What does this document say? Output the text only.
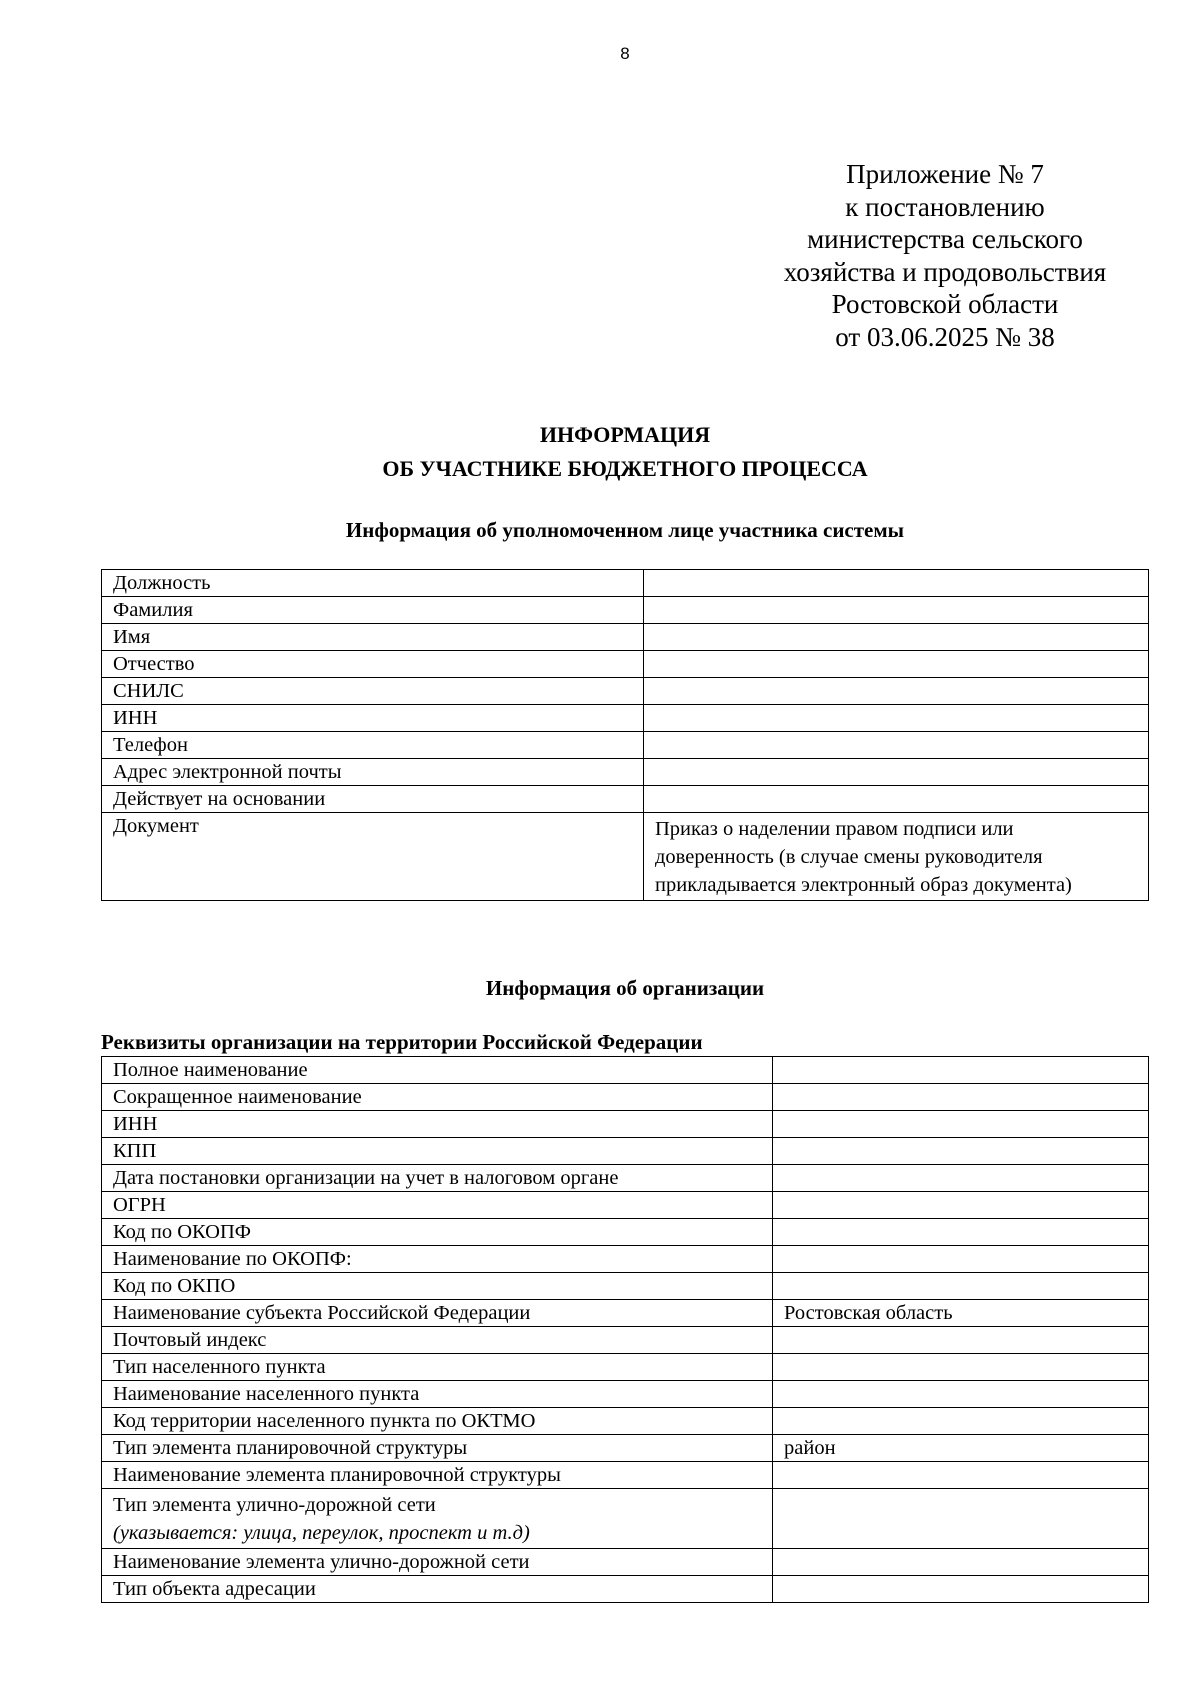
8
Приложение № 7
к постановлению
министерства сельского
хозяйства и продовольствия
Ростовской области
от 03.06.2025 № 38
ИНФОРМАЦИЯ
ОБ УЧАСТНИКЕ БЮДЖЕТНОГО ПРОЦЕССА
Информация об уполномоченном лице участника системы
Должность	
Фамилия	
Имя	
Отчество	
СНИЛС	
ИНН	
Телефон	
Адрес электронной почты	
Действует на основании	
Документ	Приказ о наделении правом подписи или доверенность (в случае смены руководителя прикладывается электронный образ документа)
Информация об организации
Реквизиты организации на территории Российской Федерации
Полное наименование	
Сокращенное наименование	
ИНН	
КПП	
Дата постановки организации на учет в налоговом органе	
ОГРН	
Код по ОКОПФ	
Наименование по ОКОПФ:	
Код по ОКПО	
Наименование субъекта Российской Федерации	Ростовская область
Почтовый индекс	
Тип населенного пункта	
Наименование населенного пункта	
Код территории населенного пункта по ОКТМО	
Тип элемента планировочной структуры	район
Наименование элемента планировочной структуры	

Тип элемента улично-дорожной сети
(указывается: улица, переулок, проспект и т.д)	

Наименование элемента улично-дорожной сети	
Тип объекта адресации	
